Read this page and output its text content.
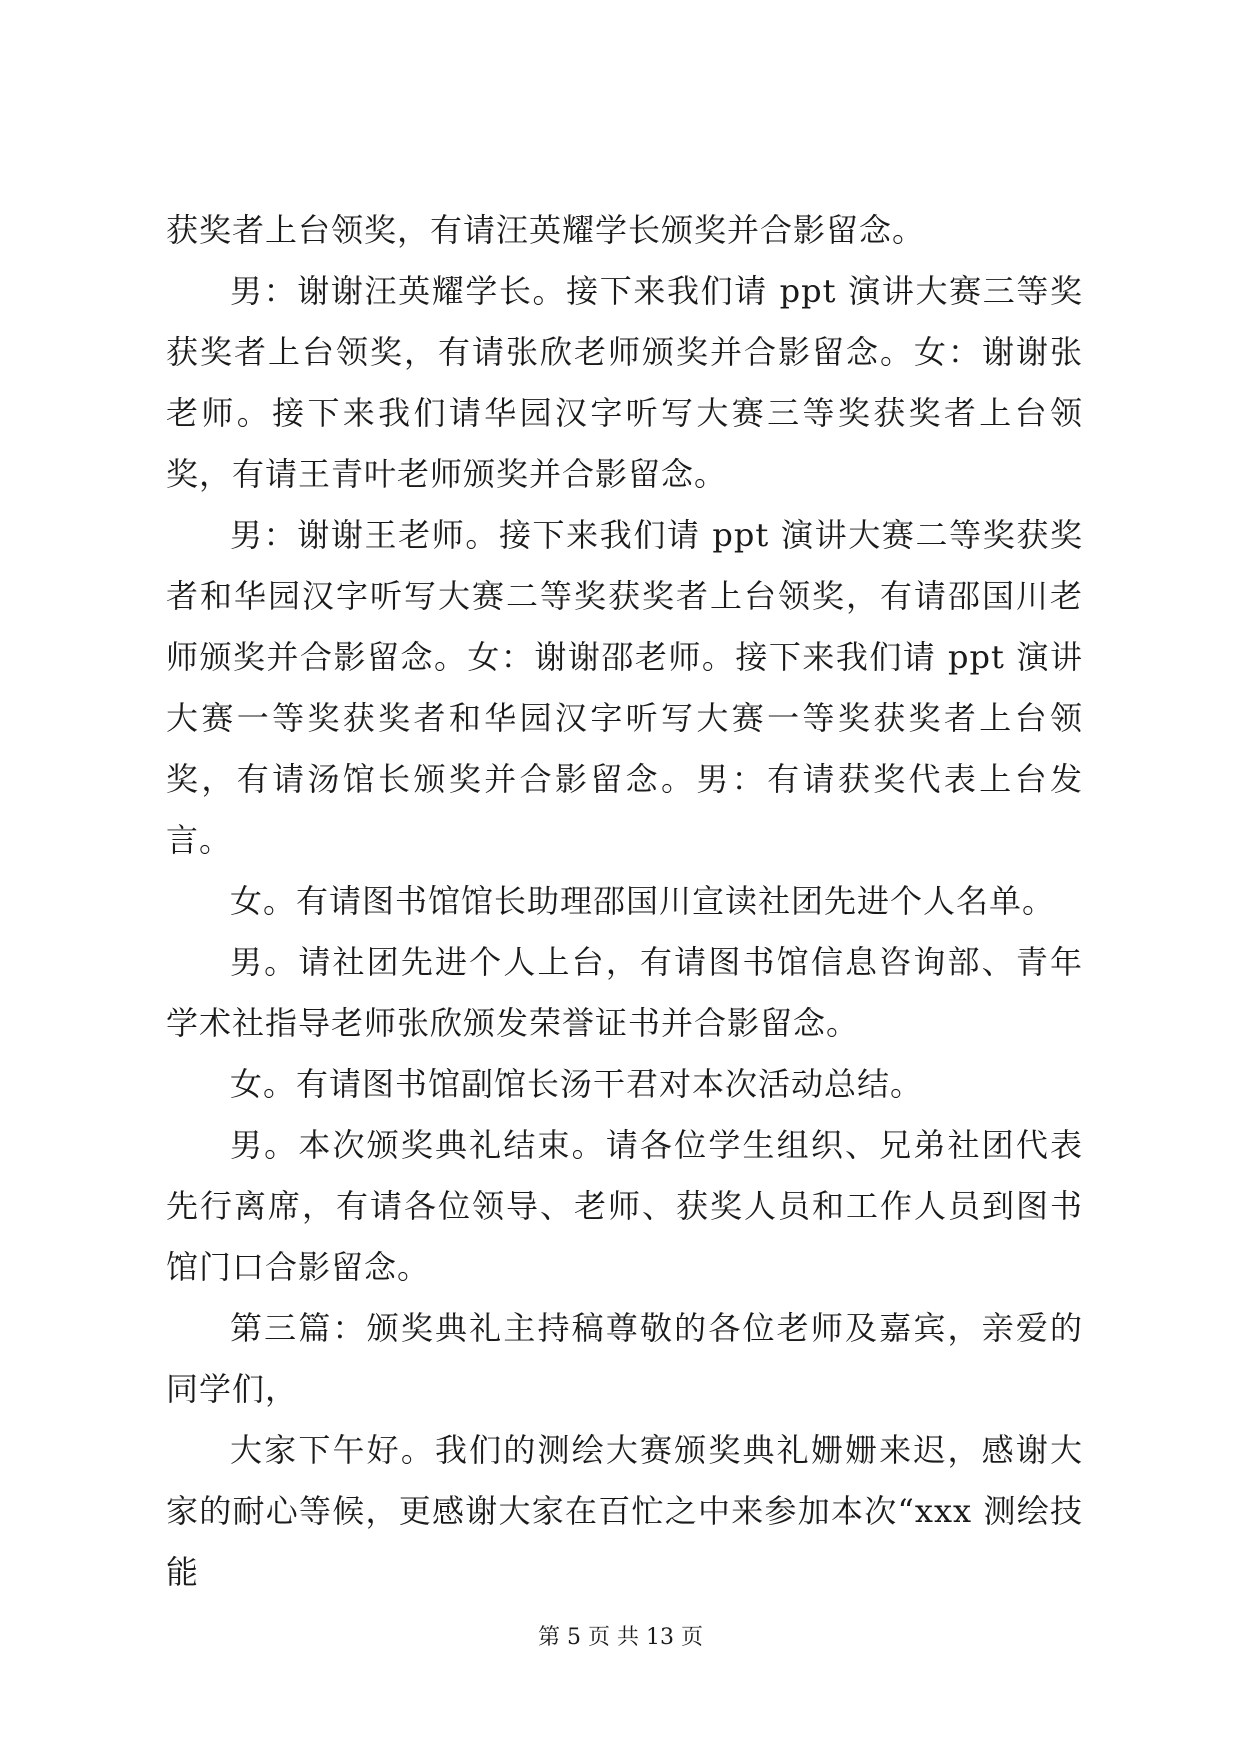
获奖者上台领奖，有请汪英耀学长颁奖并合影留念。

男：谢谢汪英耀学长。接下来我们请 ppt 演讲大赛三等奖获奖者上台领奖，有请张欣老师颁奖并合影留念。女：谢谢张老师。接下来我们请华园汉字听写大赛三等奖获奖者上台领奖，有请王青叶老师颁奖并合影留念。

男：谢谢王老师。接下来我们请 ppt 演讲大赛二等奖获奖者和华园汉字听写大赛二等奖获奖者上台领奖，有请邵国川老师颁奖并合影留念。女：谢谢邵老师。接下来我们请 ppt 演讲大赛一等奖获奖者和华园汉字听写大赛一等奖获奖者上台领奖，有请汤馆长颁奖并合影留念。男：有请获奖代表上台发言。

女。有请图书馆馆长助理邵国川宣读社团先进个人名单。

男。请社团先进个人上台，有请图书馆信息咨询部、青年学术社指导老师张欣颁发荣誉证书并合影留念。

女。有请图书馆副馆长汤干君对本次活动总结。

男。本次颁奖典礼结束。请各位学生组织、兄弟社团代表先行离席，有请各位领导、老师、获奖人员和工作人员到图书馆门口合影留念。

第三篇：颁奖典礼主持稿尊敬的各位老师及嘉宾，亲爱的同学们，

大家下午好。我们的测绘大赛颁奖典礼姗姗来迟，感谢大家的耐心等候，更感谢大家在百忙之中来参加本次“xxx 测绘技能

第 5 页 共 13 页
